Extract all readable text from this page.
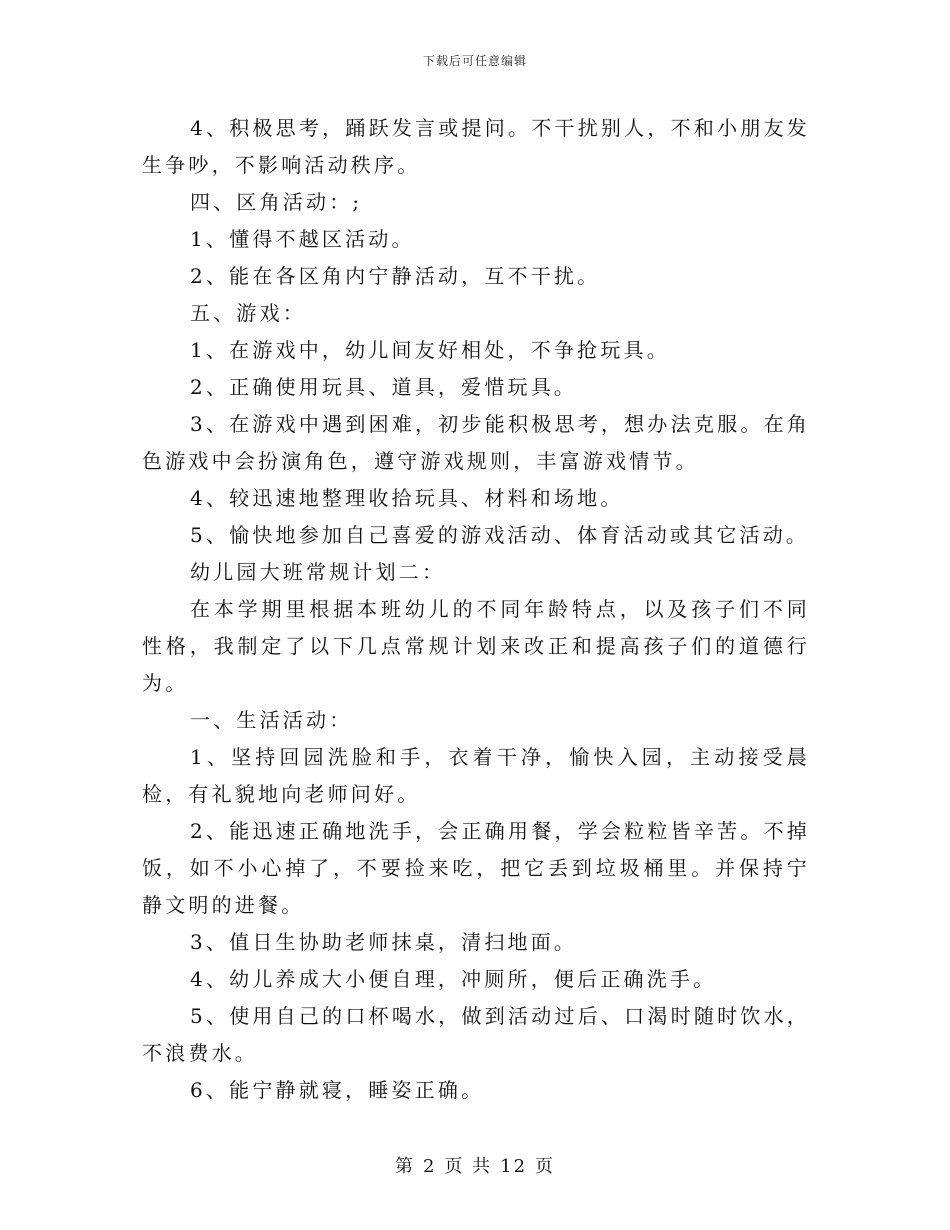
下载后可任意编辑

4、积极思考，踊跃发言或提问。不干扰别人，不和小朋友发生争吵，不影响活动秩序。

四、区角活动：;

1、懂得不越区活动。

2、能在各区角内宁静活动，互不干扰。

五、游戏：

1、在游戏中，幼儿间友好相处，不争抢玩具。

2、正确使用玩具、道具，爱惜玩具。

3、在游戏中遇到困难，初步能积极思考，想办法克服。在角色游戏中会扮演角色，遵守游戏规则，丰富游戏情节。

4、较迅速地整理收拾玩具、材料和场地。

5、愉快地参加自己喜爱的游戏活动、体育活动或其它活动。

幼儿园大班常规计划二：

在本学期里根据本班幼儿的不同年龄特点，以及孩子们不同性格，我制定了以下几点常规计划来改正和提高孩子们的道德行为。

一、生活活动：

1、坚持回园洗脸和手，衣着干净，愉快入园，主动接受晨检，有礼貌地向老师问好。

2、能迅速正确地洗手，会正确用餐，学会粒粒皆辛苦。不掉饭，如不小心掉了，不要捡来吃，把它丢到垃圾桶里。并保持宁静文明的进餐。

3、值日生协助老师抹桌，清扫地面。

4、幼儿养成大小便自理，冲厕所，便后正确洗手。

5、使用自己的口杯喝水，做到活动过后、口渴时随时饮水，不浪费水。

6、能宁静就寝，睡姿正确。

第 2 页 共 12 页
